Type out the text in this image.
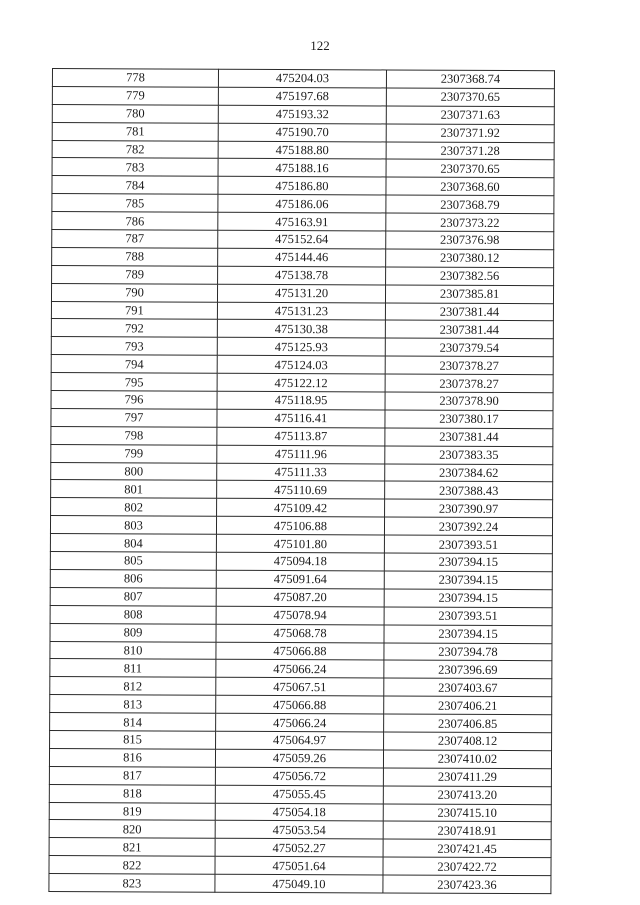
122
778	475204.03	2307368.74
779	475197.68	2307370.65
780	475193.32	2307371.63
781	475190.70	2307371.92
782	475188.80	2307371.28
783	475188.16	2307370.65
784	475186.80	2307368.60
785	475186.06	2307368.79
786	475163.91	2307373.22
787	475152.64	2307376.98
788	475144.46	2307380.12
789	475138.78	2307382.56
790	475131.20	2307385.81
791	475131.23	2307381.44
792	475130.38	2307381.44
793	475125.93	2307379.54
794	475124.03	2307378.27
795	475122.12	2307378.27
796	475118.95	2307378.90
797	475116.41	2307380.17
798	475113.87	2307381.44
799	475111.96	2307383.35
800	475111.33	2307384.62
801	475110.69	2307388.43
802	475109.42	2307390.97
803	475106.88	2307392.24
804	475101.80	2307393.51
805	475094.18	2307394.15
806	475091.64	2307394.15
807	475087.20	2307394.15
808	475078.94	2307393.51
809	475068.78	2307394.15
810	475066.88	2307394.78
811	475066.24	2307396.69
812	475067.51	2307403.67
813	475066.88	2307406.21
814	475066.24	2307406.85
815	475064.97	2307408.12
816	475059.26	2307410.02
817	475056.72	2307411.29
818	475055.45	2307413.20
819	475054.18	2307415.10
820	475053.54	2307418.91
821	475052.27	2307421.45
822	475051.64	2307422.72
823	475049.10	2307423.36
